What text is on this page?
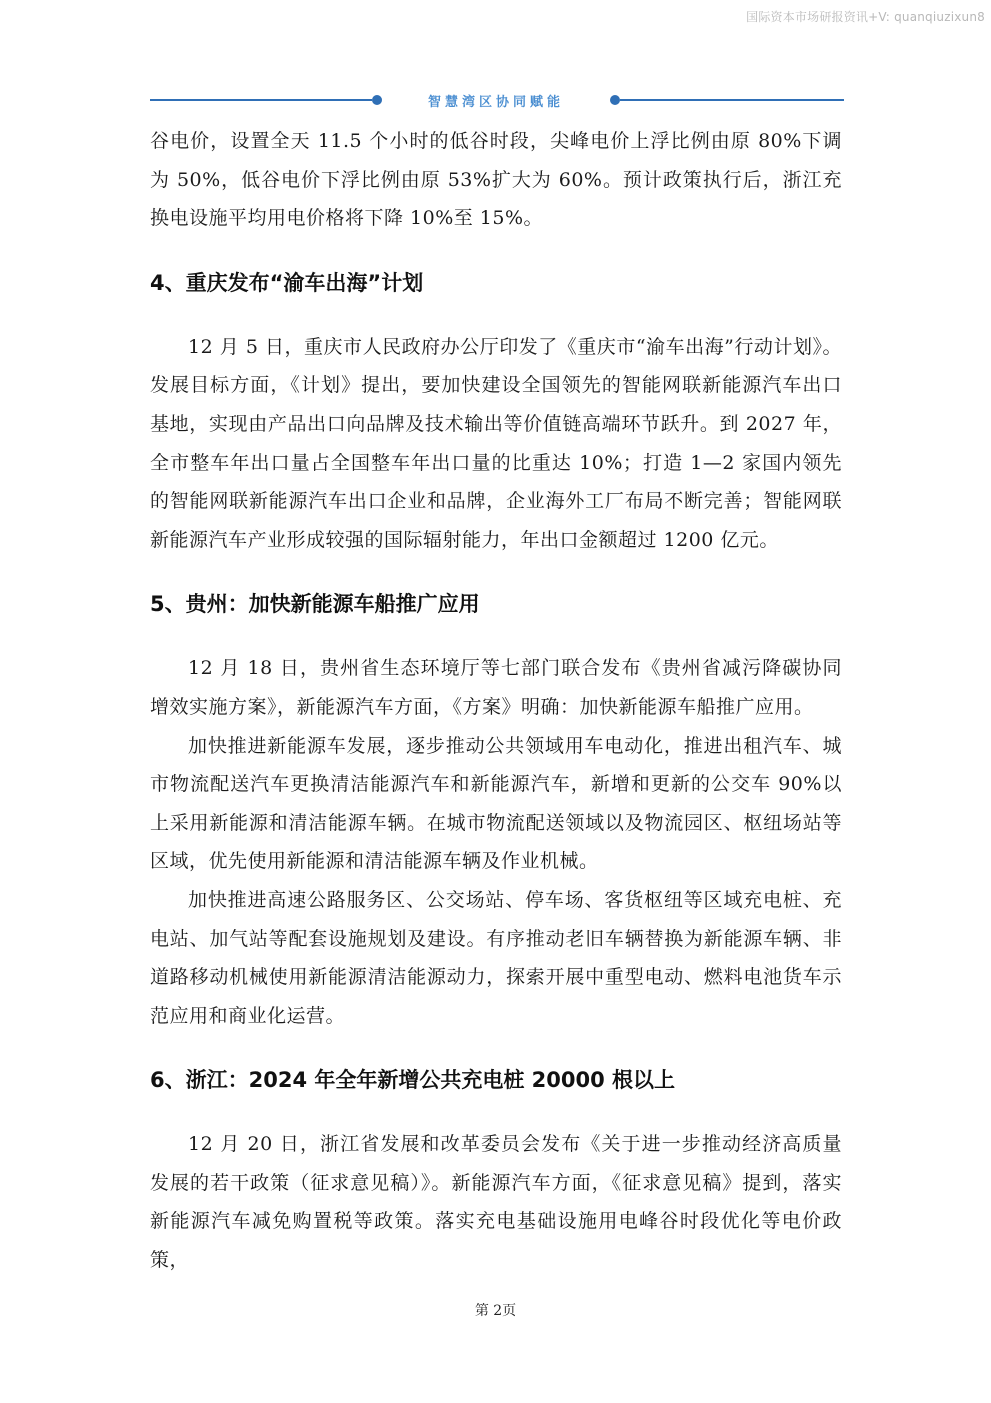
国际资本市场研报资讯+V: quanqiuzixun8
智慧湾区协同赋能

谷电价，设置全天 11.5 个小时的低谷时段，尖峰电价上浮比例由原 80%下调为 50%，低谷电价下浮比例由原 53%扩大为 60%。预计政策执行后，浙江充换电设施平均用电价格将下降 10%至 15%。

4、重庆发布“渝车出海”计划

12 月 5 日，重庆市人民政府办公厅印发了《重庆市“渝车出海”行动计划》。发展目标方面，《计划》提出，要加快建设全国领先的智能网联新能源汽车出口基地，实现由产品出口向品牌及技术输出等价值链高端环节跃升。到 2027 年，全市整车年出口量占全国整车年出口量的比重达 10%；打造 1—2 家国内领先的智能网联新能源汽车出口企业和品牌，企业海外工厂布局不断完善；智能网联新能源汽车产业形成较强的国际辐射能力，年出口金额超过 1200 亿元。

5、贵州：加快新能源车船推广应用

12 月 18 日，贵州省生态环境厅等七部门联合发布《贵州省减污降碳协同增效实施方案》，新能源汽车方面，《方案》明确：加快新能源车船推广应用。

加快推进新能源车发展，逐步推动公共领域用车电动化，推进出租汽车、城市物流配送汽车更换清洁能源汽车和新能源汽车，新增和更新的公交车 90%以上采用新能源和清洁能源车辆。在城市物流配送领域以及物流园区、枢纽场站等区域，优先使用新能源和清洁能源车辆及作业机械。

加快推进高速公路服务区、公交场站、停车场、客货枢纽等区域充电桩、充电站、加气站等配套设施规划及建设。有序推动老旧车辆替换为新能源车辆、非道路移动机械使用新能源清洁能源动力，探索开展中重型电动、燃料电池货车示范应用和商业化运营。

6、浙江：2024 年全年新增公共充电桩 20000 根以上

12 月 20 日，浙江省发展和改革委员会发布《关于进一步推动经济高质量发展的若干政策（征求意见稿）》。新能源汽车方面，《征求意见稿》提到，落实新能源汽车减免购置税等政策。落实充电基础设施用电峰谷时段优化等电价政策，

第 2页
